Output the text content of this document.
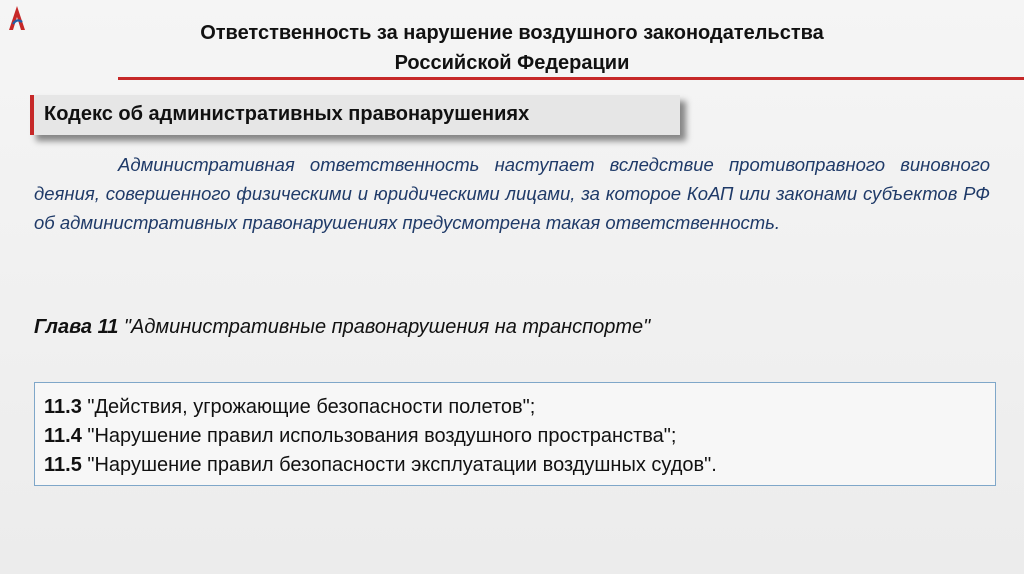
Ответственность за нарушение воздушного законодательства
Российской Федерации
Кодекс об административных правонарушениях

Административная ответственность наступает вследствие противоправного виновного деяния, совершенного физическими и юридическими лицами, за которое КоАП или законами субъектов РФ об административных правонарушениях предусмотрена такая ответственность.

Глава 11 "Административные правонарушения на транспорте"
11.3 "Действия, угрожающие безопасности полетов";
11.4 "Нарушение правил использования воздушного пространства";
11.5 "Нарушение правил безопасности эксплуатации воздушных судов".
